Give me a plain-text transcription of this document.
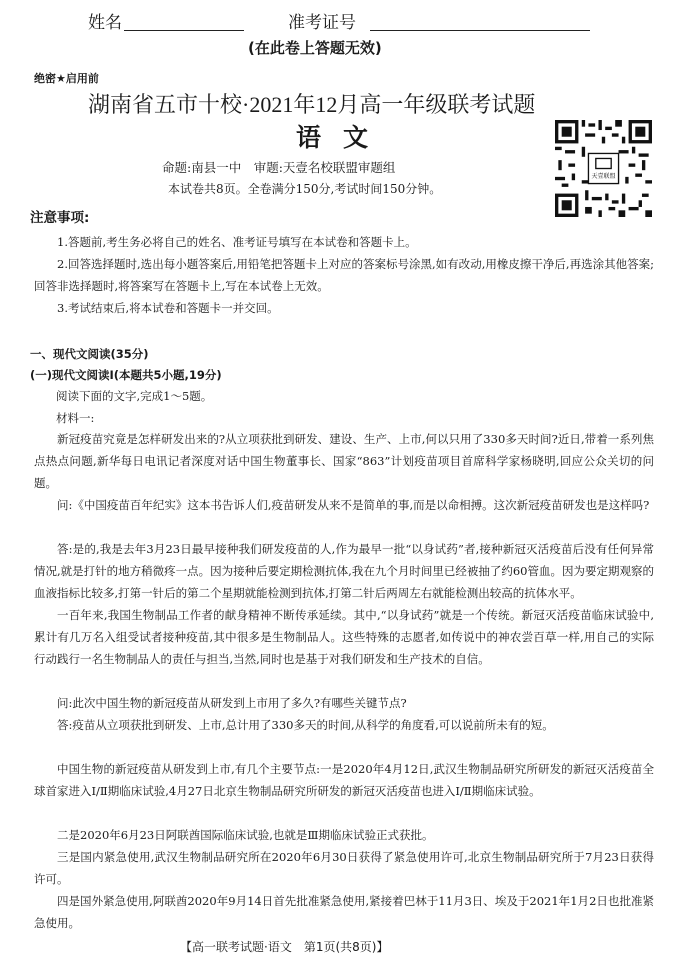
姓名	准考证号
(在此卷上答题无效)
绝密★启用前
湖南省五市十校·2021年12月高一年级联考试题
语文
命题:南县一中　审题:天壹名校联盟审题组
本试卷共8页。全卷满分150分,考试时间150分钟。
天壹联盟
注意事项:
1.答题前,考生务必将自己的姓名、准考证号填写在本试卷和答题卡上。
2.回答选择题时,选出每小题答案后,用铅笔把答题卡上对应的答案标号涂黑,如有改动,用橡皮擦干净后,再选涂其他答案;回答非选择题时,将答案写在答题卡上,写在本试卷上无效。
3.考试结束后,将本试卷和答题卡一并交回。
一、现代文阅读(35分)
(一)现代文阅读Ⅰ(本题共5小题,19分)
阅读下面的文字,完成1～5题。
材料一:
新冠疫苗究竟是怎样研发出来的?从立项获批到研发、建设、生产、上市,何以只用了330多天时间?近日,带着一系列焦点热点问题,新华每日电讯记者深度对话中国生物董事长、国家“863”计划疫苗项目首席科学家杨晓明,回应公众关切的问题。
问:《中国疫苗百年纪实》这本书告诉人们,疫苗研发从来不是简单的事,而是以命相搏。这次新冠疫苗研发也是这样吗?
答:是的,我是去年3月23日最早接种我们研发疫苗的人,作为最早一批“以身试药”者,接种新冠灭活疫苗后没有任何异常情况,就是打针的地方稍微疼一点。因为接种后要定期检测抗体,我在九个月时间里已经被抽了约60管血。因为要定期观察的血液指标比较多,打第一针后的第二个星期就能检测到抗体,打第二针后两周左右就能检测出较高的抗体水平。
一百年来,我国生物制品工作者的献身精神不断传承延续。其中,“以身试药”就是一个传统。新冠灭活疫苗临床试验中,累计有几万名入组受试者接种疫苗,其中很多是生物制品人。这些特殊的志愿者,如传说中的神农尝百草一样,用自己的实际行动践行一名生物制品人的责任与担当,当然,同时也是基于对我们研发和生产技术的自信。
问:此次中国生物的新冠疫苗从研发到上市用了多久?有哪些关键节点?
答:疫苗从立项获批到研发、上市,总计用了330多天的时间,从科学的角度看,可以说前所未有的短。
中国生物的新冠疫苗从研发到上市,有几个主要节点:一是2020年4月12日,武汉生物制品研究所研发的新冠灭活疫苗全球首家进入Ⅰ/Ⅱ期临床试验,4月27日北京生物制品研究所研发的新冠灭活疫苗也进入Ⅰ/Ⅱ期临床试验。
二是2020年6月23日阿联酋国际临床试验,也就是Ⅲ期临床试验正式获批。
三是国内紧急使用,武汉生物制品研究所在2020年6月30日获得了紧急使用许可,北京生物制品研究所于7月23日获得许可。
四是国外紧急使用,阿联酋2020年9月14日首先批准紧急使用,紧接着巴林于11月3日、埃及于2021年1月2日也批准紧急使用。
【高一联考试题·语文　第1页(共8页)】
